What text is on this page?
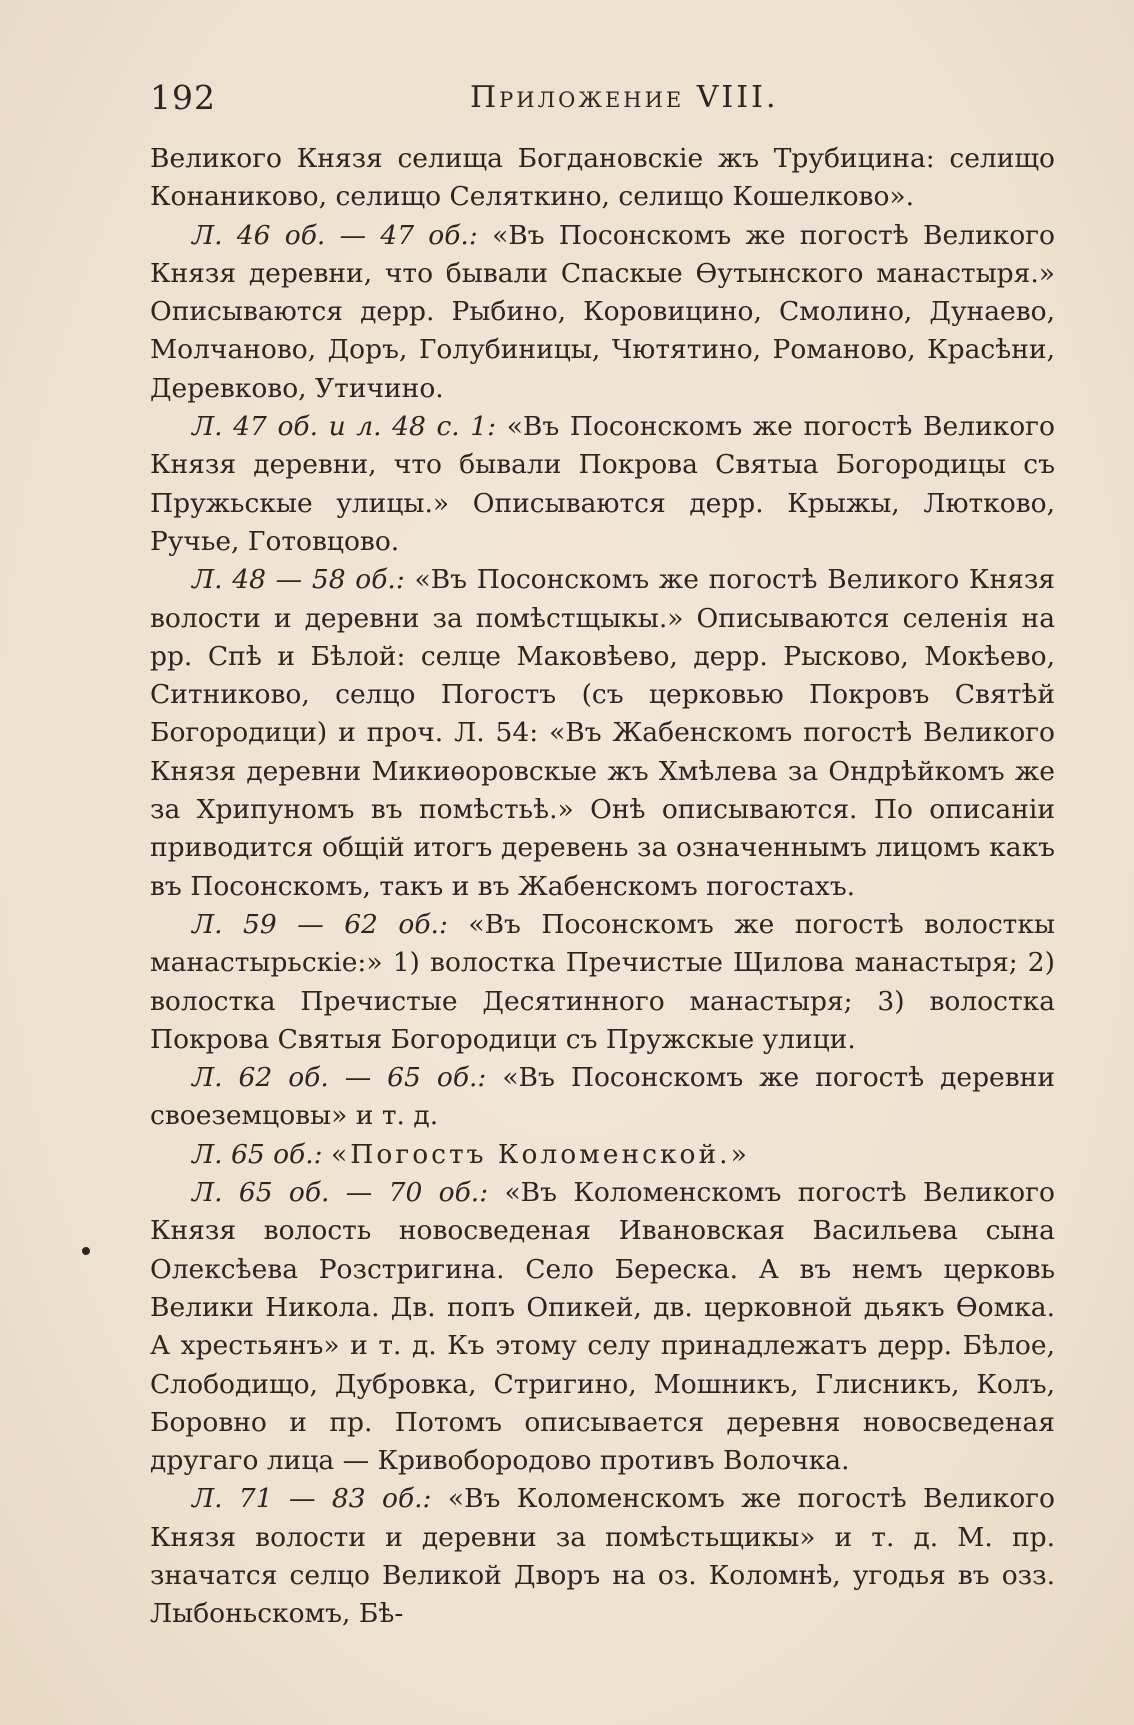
192	Приложение VIII.

Великого Князя селища Богдановскіе жъ Трубицина: селищо Конаниково, селищо Селяткино, селищо Кошелково».

Л. 46 об. — 47 об.: «Въ Посонскомъ же погостѣ Великого Князя деревни, что бывали Спаскые Ѳутынского манастыря.» Описываются дерр. Рыбино, Коровицино, Смолино, Дунаево, Молчаново, Доръ, Голубиницы, Чютятино, Романово, Красѣни, Деревково, Утичино.

Л. 47 об. и л. 48 с. 1: «Въ Посонскомъ же погостѣ Великого Князя деревни, что бывали Покрова Святыа Богородицы съ Пружьскые улицы.» Описываются дерр. Крыжы, Лютково, Ручье, Готовцово.

Л. 48 — 58 об.: «Въ Посонскомъ же погостѣ Великого Князя волости и деревни за помѣстщыкы.» Описываются селенія на рр. Спѣ и Бѣлой: селце Маковѣево, дерр. Рысково, Мокѣево, Ситниково, селцо Погостъ (съ церковью Покровъ Святѣй Богородици) и проч. Л. 54: «Въ Жабенскомъ погостѣ Великого Князя деревни Микиѳоровскые жъ Хмѣлева за Ондрѣйкомъ же за Хрипуномъ въ помѣстьѣ.» Онѣ описываются. По описаніи приводится общій итогъ деревень за означеннымъ лицомъ какъ въ Посонскомъ, такъ и въ Жабенскомъ погостахъ.

Л. 59 — 62 об.: «Въ Посонскомъ же погостѣ волосткы манастырьскіе:» 1) волостка Пречистые Щилова манастыря; 2) волостка Пречистые Десятинного манастыря; 3) волостка Покрова Святыя Богородици съ Пружскые улици.

Л. 62 об. — 65 об.: «Въ Посонскомъ же погостѣ деревни своеземцовы» и т. д.

Л. 65 об.: «Погостъ Коломенской.»

Л. 65 об. — 70 об.: «Въ Коломенскомъ погостѣ Великого Князя волость новосведеная Ивановская Васильева сына Олексѣева Розстригина. Село Береска. А въ немъ церковь Велики Никола. Дв. попъ Опикей, дв. церковной дьякъ Ѳомка. А хрестьянъ» и т. д. Къ этому селу принадлежатъ дерр. Бѣлое, Слободищо, Дубровка, Стригино, Мошникъ, Глисникъ, Колъ, Боровно и пр. Потомъ описывается деревня новосведеная другаго лица — Кривобородово противъ Волочка.

Л. 71 — 83 об.: «Въ Коломенскомъ же погостѣ Великого Князя волости и деревни за помѣстьщикы» и т. д. М. пр. значатся селцо Великой Дворъ на оз. Коломнѣ, угодья въ озз. Лыбоньскомъ, Бѣ-
